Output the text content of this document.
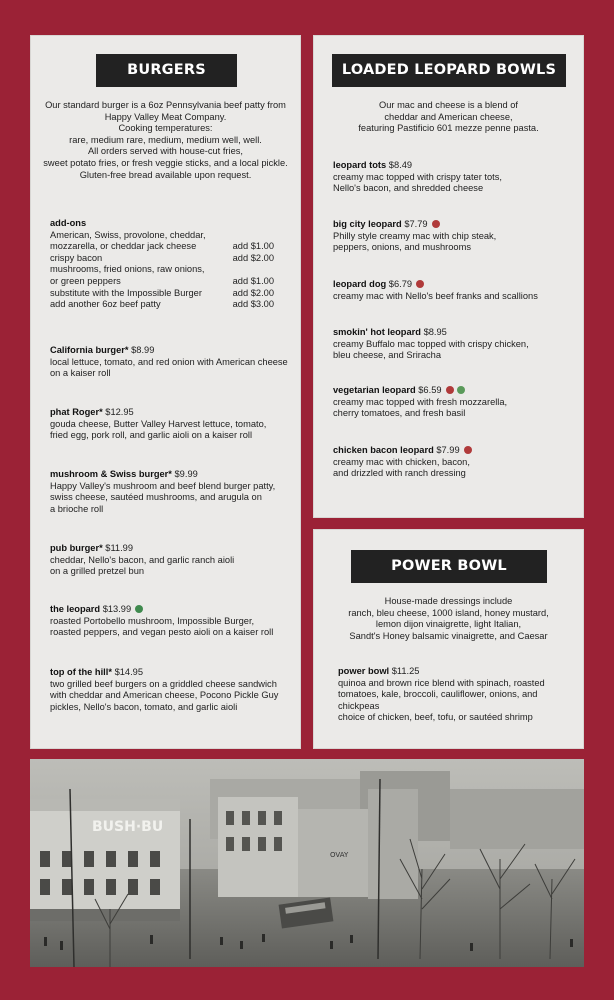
BURGERS
Our standard burger is a 6oz Pennsylvania beef patty from
Happy Valley Meat Company.
Cooking temperatures:
rare, medium rare, medium, medium well, well.
All orders served with house-cut fries,
sweet potato fries, or fresh veggie sticks, and a local pickle.
Gluten-free bread available upon request.
add-ons
American, Swiss, provolone, cheddar,
mozzarella, or cheddar jack cheese	add $1.00
crispy bacon	add $2.00
mushrooms, fried onions, raw onions,
or green peppers	add $1.00
substitute with the Impossible Burger	add $2.00
add another 6oz beef patty	add $3.00
California burger* $8.99
local lettuce, tomato, and red onion with American cheese
on a kaiser roll
phat Roger* $12.95
gouda cheese, Butter Valley Harvest lettuce, tomato,
fried egg, pork roll, and garlic aioli on a kaiser roll
mushroom & Swiss burger* $9.99
Happy Valley's mushroom and beef blend burger patty,
swiss cheese, sautéed mushrooms, and arugula on
a brioche roll
pub burger* $11.99
cheddar, Nello's bacon, and garlic ranch aioli
on a grilled pretzel bun
the leopard $13.99
roasted Portobello mushroom, Impossible Burger,
roasted peppers, and vegan pesto aioli on a kaiser roll
top of the hill* $14.95
two grilled beef burgers on a griddled cheese sandwich
with cheddar and American cheese, Pocono Pickle Guy
pickles, Nello's bacon, tomato, and garlic aioli
LOADED LEOPARD BOWLS
Our mac and cheese is a blend of
cheddar and American cheese,
featuring Pastificio 601 mezze penne pasta.
leopard tots $8.49
creamy mac topped with crispy tater tots,
Nello's bacon, and shredded cheese
big city leopard $7.79
Philly style creamy mac with chip steak,
peppers, onions, and mushrooms
leopard dog $6.79
creamy mac with Nello's beef franks and scallions
smokin' hot leopard $8.95
creamy Buffalo mac topped with crispy chicken,
bleu cheese, and Sriracha
vegetarian leopard $6.59
creamy mac topped with fresh mozzarella,
cherry tomatoes, and fresh basil
chicken bacon leopard $7.99
creamy mac with chicken, bacon,
and drizzled with ranch dressing
POWER BOWL
House-made dressings include
ranch, bleu cheese, 1000 island, honey mustard,
lemon dijon vinaigrette, light Italian,
Sandt's Honey balsamic vinaigrette, and Caesar
power bowl $11.25
quinoa and brown rice blend with spinach, roasted
tomatoes, kale, broccoli, cauliflower, onions, and chickpeas
choice of chicken, beef, tofu, or sautéed shrimp
BUSH·BU
OVAY
